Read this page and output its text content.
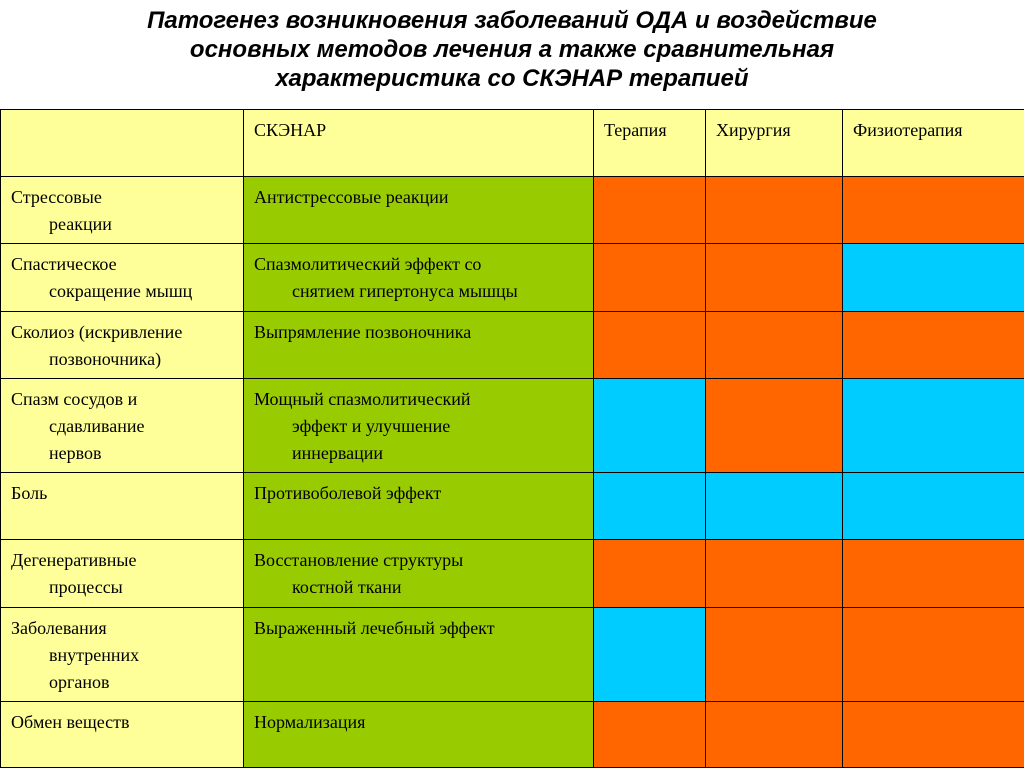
Патогенез возникновения заболеваний ОДА и воздействие
основных методов лечения а также сравнительная
характеристика со СКЭНАР терапией
	СКЭНАР	Терапия	Хирургия	Физиотерапия

Стрессовые
реакции	Антистрессовые реакции			

Спастическое
сокращение мышц	Спазмолитический эффект со
снятием гипертонуса мышцы			

Сколиоз (искривление
позвоночника)	Выпрямление позвоночника			

Спазм сосудов и
сдавливание
нервов	Мощный спазмолитический
эффект и улучшение
иннервации			

Боль	Противоболевой эффект			

Дегенеративные
процессы	Восстановление структуры
костной ткани			

Заболевания
внутренних
органов	Выраженный лечебный эффект			

Обмен веществ	Нормализация			
